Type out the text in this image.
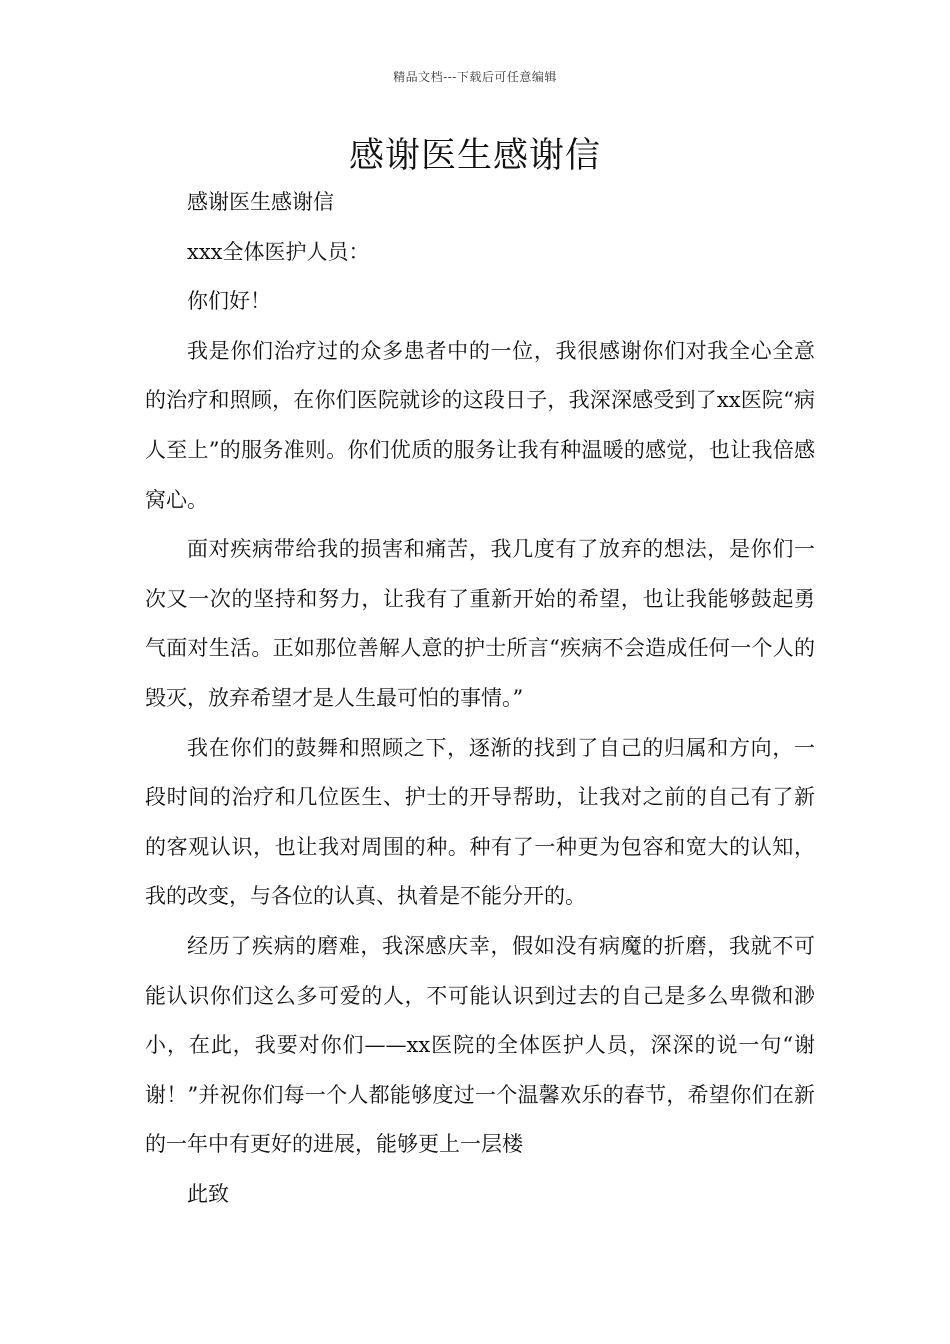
精品文档---下载后可任意编辑
感谢医生感谢信

感谢医生感谢信

xxx全体医护人员：

你们好！

我是你们治疗过的众多患者中的一位，我很感谢你们对我全心全意的治疗和照顾，在你们医院就诊的这段日子，我深深感受到了xx医院“病人至上”的服务准则。你们优质的服务让我有种温暖的感觉，也让我倍感窝心。

面对疾病带给我的损害和痛苦，我几度有了放弃的想法，是你们一次又一次的坚持和努力，让我有了重新开始的希望，也让我能够鼓起勇气面对生活。正如那位善解人意的护士所言“疾病不会造成任何一个人的毁灭，放弃希望才是人生最可怕的事情。”

我在你们的鼓舞和照顾之下，逐渐的找到了自己的归属和方向，一段时间的治疗和几位医生、护士的开导帮助，让我对之前的自己有了新的客观认识，也让我对周围的种。种有了一种更为包容和宽大的认知，我的改变，与各位的认真、执着是不能分开的。

经历了疾病的磨难，我深感庆幸，假如没有病魔的折磨，我就不可能认识你们这么多可爱的人，不可能认识到过去的自己是多么卑微和渺小，在此，我要对你们——xx医院的全体医护人员，深深的说一句“谢谢！”并祝你们每一个人都能够度过一个温馨欢乐的春节，希望你们在新的一年中有更好的进展，能够更上一层楼

此致
